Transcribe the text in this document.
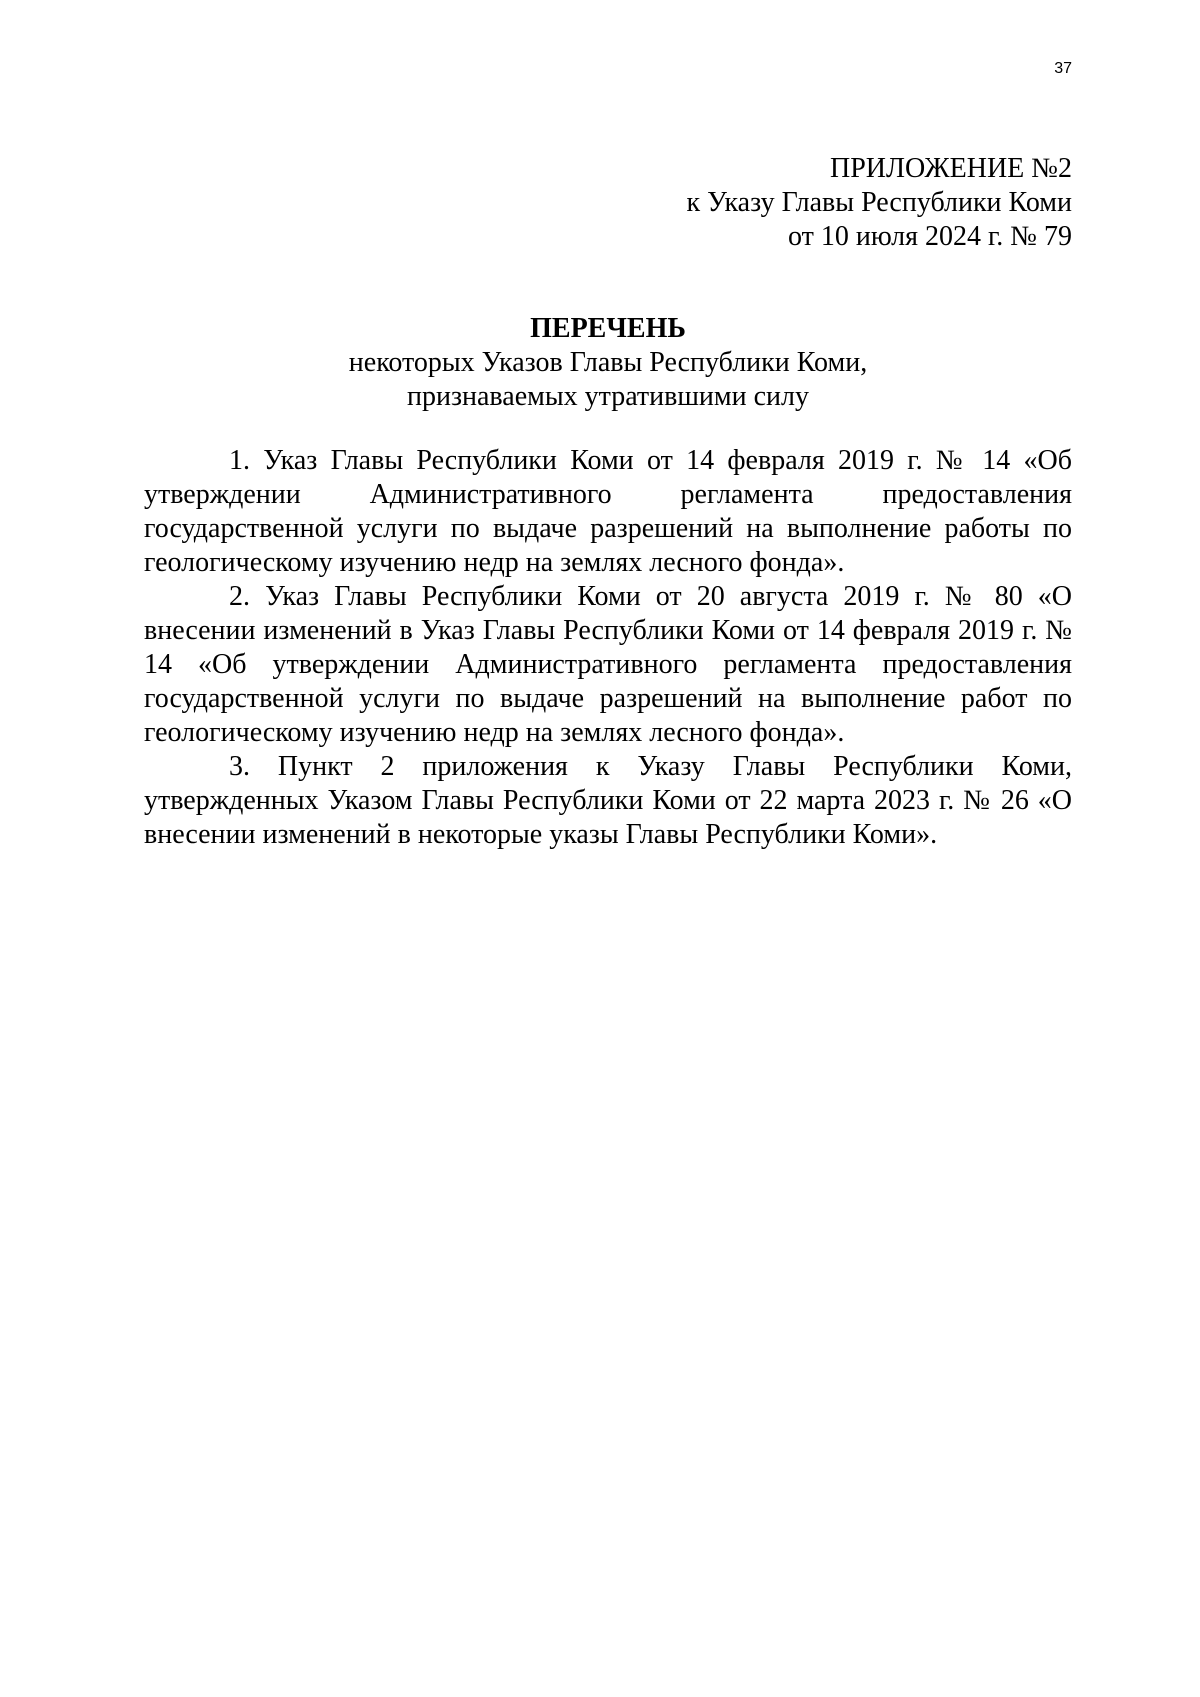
37
ПРИЛОЖЕНИЕ №2
к Указу Главы Республики Коми
от 10 июля 2024 г. № 79
ПЕРЕЧЕНЬ
некоторых Указов Главы Республики Коми,
признаваемых утратившими силу

1. Указ Главы Республики Коми от 14 февраля 2019 г. № 14 «Об утверждении Административного регламента предоставления государственной услуги по выдаче разрешений на выполнение работы по геологическому изучению недр на землях лесного фонда».

2. Указ Главы Республики Коми от 20 августа 2019 г. № 80 «О внесении изменений в Указ Главы Республики Коми от 14 февраля 2019 г. № 14 «Об утверждении Административного регламента предоставления государственной услуги по выдаче разрешений на выполнение работ по геологическому изучению недр на землях лесного фонда».

3. Пункт 2 приложения к Указу Главы Республики Коми, утвержденных Указом Главы Республики Коми от 22 марта 2023 г. № 26 «О внесении изменений в некоторые указы Главы Республики Коми».
